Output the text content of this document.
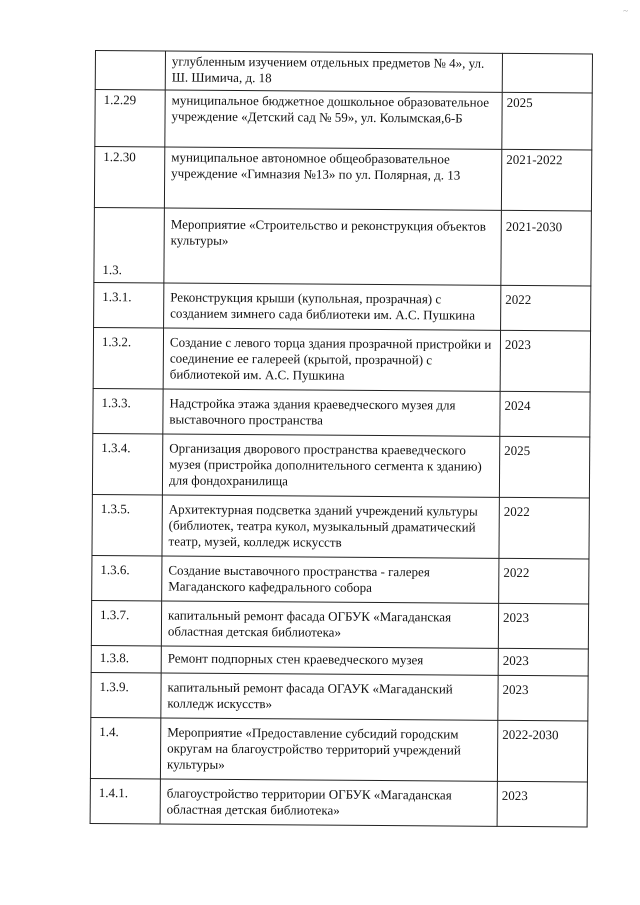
~
	углубленным изучением отдельных предметов № 4», ул. Ш. Шимича, д. 18	
1.2.29	муниципальное бюджетное дошкольное образовательное учреждение «Детский сад № 59», ул. Колымская,6-Б	2025
1.2.30	муниципальное автономное общеобразовательное учреждение «Гимназия №13» по ул. Полярная, д. 13	2021-2022
1.3.	Мероприятие «Строительство и реконструкция объектов культуры»	2021-2030
1.3.1.	Реконструкция крыши (купольная, прозрачная) с созданием зимнего сада библиотеки им. А.С. Пушкина	2022
1.3.2.	Создание с левого торца здания прозрачной пристройки и соединение ее галереей (крытой, прозрачной) с библиотекой им. А.С. Пушкина	2023
1.3.3.	Надстройка этажа здания краеведческого музея для выставочного пространства	2024
1.3.4.	Организация дворового пространства краеведческого музея (пристройка дополнительного сегмента к зданию) для фондохранилища	2025
1.3.5.	Архитектурная подсветка зданий учреждений культуры (библиотек, театра кукол, музыкальный драматический театр, музей, колледж искусств	2022
1.3.6.	Создание выставочного пространства - галерея Магаданского кафедрального собора	2022
1.3.7.	капитальный ремонт фасада ОГБУК «Магаданская областная детская библиотека»	2023
1.3.8.	Ремонт подпорных стен краеведческого музея	2023
1.3.9.	капитальный ремонт фасада ОГАУК «Магаданский колледж искусств»	2023
1.4.	Мероприятие «Предоставление субсидий городским округам на благоустройство территорий учреждений культуры»	2022-2030
1.4.1.	благоустройство территории ОГБУК «Магаданская областная детская библиотека»	2023
